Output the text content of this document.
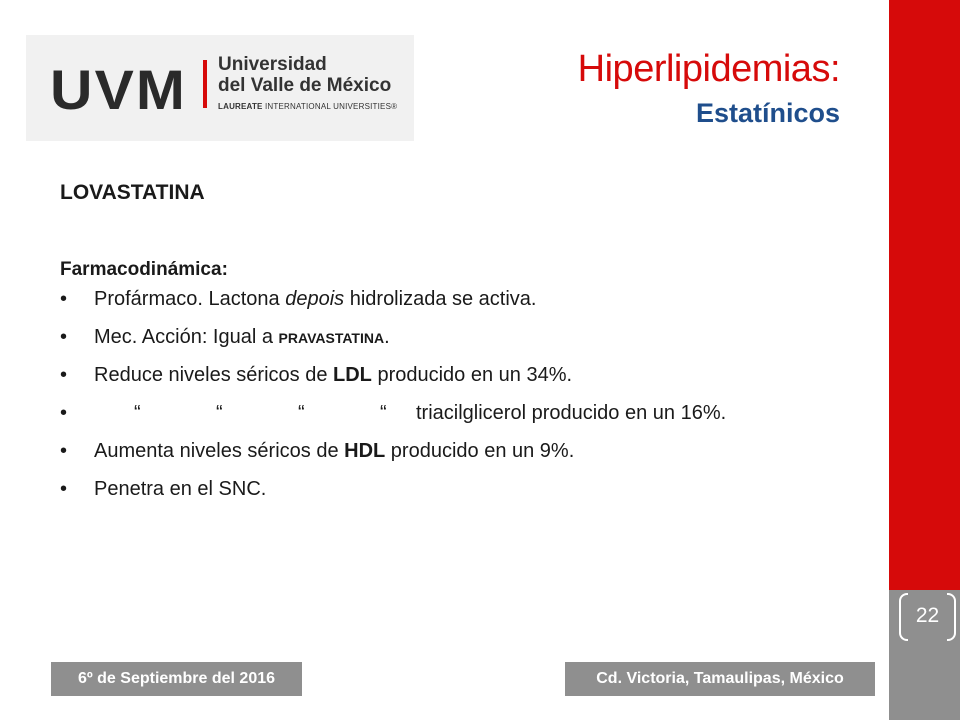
22
UVM Universidad
del Valle de México
LAUREATE INTERNATIONAL UNIVERSITIES®
Hiperlipidemias:
Estatínicos
LOVASTATINA
Farmacodinámica:
• Profármaco. Lactona depois hidrolizada se activa.
• Mec. Acción: Igual a PRAVASTATINA.
• Reduce niveles séricos de LDL producido en un 34%.
•	“	“	“	“ triacilglicerol producido en un 16%.
• Aumenta niveles séricos de HDL producido en un 9%.
• Penetra en el SNC.
6º de Septiembre del 2016	Cd. Victoria, Tamaulipas, México
